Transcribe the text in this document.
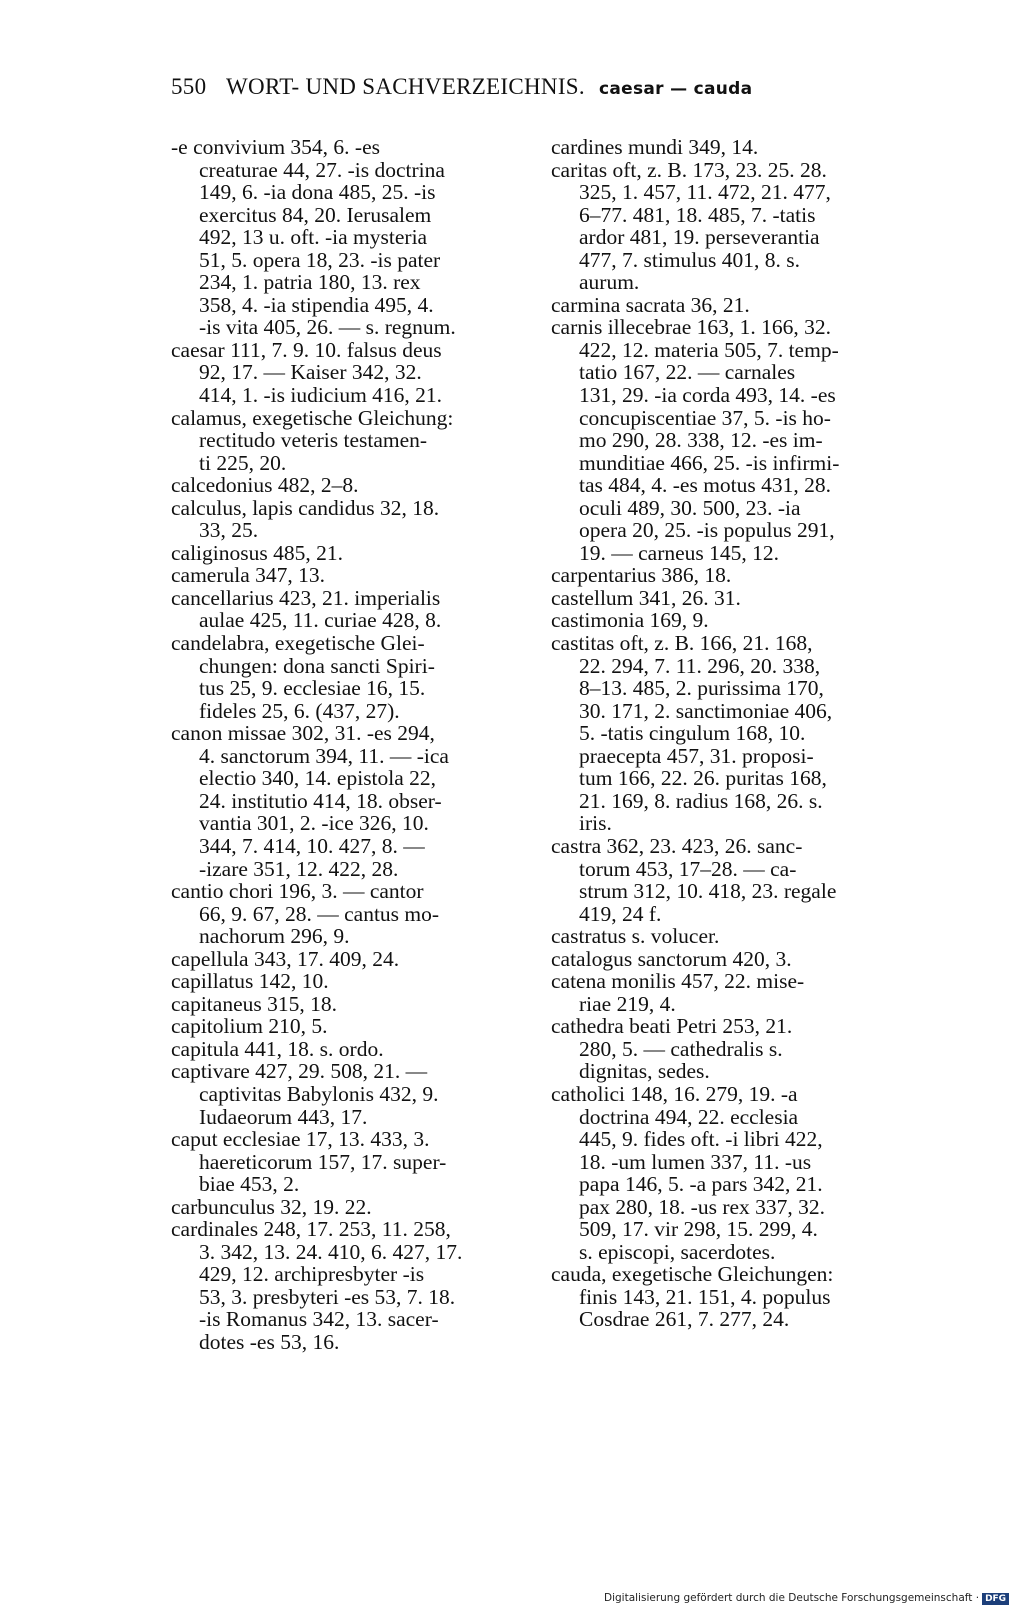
550 WORT- UND SACHVERZEICHNIS. caesar — cauda
-e convivium 354, 6. -es
creaturae 44, 27. -is doctrina
149, 6. -ia dona 485, 25. -is
exercitus 84, 20. Ierusalem
492, 13 u. oft. -ia mysteria
51, 5. opera 18, 23. -is pater
234, 1. patria 180, 13. rex
358, 4. -ia stipendia 495, 4.
-is vita 405, 26. — s. regnum.
caesar 111, 7. 9. 10. falsus deus
92, 17. — Kaiser 342, 32.
414, 1. -is iudicium 416, 21.
calamus, exegetische Gleichung:
rectitudo veteris testamen-
ti 225, 20.
calcedonius 482, 2–8.
calculus, lapis candidus 32, 18.
33, 25.
caliginosus 485, 21.
camerula 347, 13.
cancellarius 423, 21. imperialis
aulae 425, 11. curiae 428, 8.
candelabra, exegetische Glei-
chungen: dona sancti Spiri-
tus 25, 9. ecclesiae 16, 15.
fideles 25, 6. (437, 27).
canon missae 302, 31. -es 294,
4. sanctorum 394, 11. — -ica
electio 340, 14. epistola 22,
24. institutio 414, 18. obser-
vantia 301, 2. -ice 326, 10.
344, 7. 414, 10. 427, 8. —
-izare 351, 12. 422, 28.
cantio chori 196, 3. — cantor
66, 9. 67, 28. — cantus mo-
nachorum 296, 9.
capellula 343, 17. 409, 24.
capillatus 142, 10.
capitaneus 315, 18.
capitolium 210, 5.
capitula 441, 18. s. ordo.
captivare 427, 29. 508, 21. —
captivitas Babylonis 432, 9.
Iudaeorum 443, 17.
caput ecclesiae 17, 13. 433, 3.
haereticorum 157, 17. super-
biae 453, 2.
carbunculus 32, 19. 22.
cardinales 248, 17. 253, 11. 258,
3. 342, 13. 24. 410, 6. 427, 17.
429, 12. archipresbyter -is
53, 3. presbyteri -es 53, 7. 18.
-is Romanus 342, 13. sacer-
dotes -es 53, 16.
cardines mundi 349, 14.
caritas oft, z. B. 173, 23. 25. 28.
325, 1. 457, 11. 472, 21. 477,
6–77. 481, 18. 485, 7. -tatis
ardor 481, 19. perseverantia
477, 7. stimulus 401, 8. s.
aurum.
carmina sacrata 36, 21.
carnis illecebrae 163, 1. 166, 32.
422, 12. materia 505, 7. temp-
tatio 167, 22. — carnales
131, 29. -ia corda 493, 14. -es
concupiscentiae 37, 5. -is ho-
mo 290, 28. 338, 12. -es im-
munditiae 466, 25. -is infirmi-
tas 484, 4. -es motus 431, 28.
oculi 489, 30. 500, 23. -ia
opera 20, 25. -is populus 291,
19. — carneus 145, 12.
carpentarius 386, 18.
castellum 341, 26. 31.
castimonia 169, 9.
castitas oft, z. B. 166, 21. 168,
22. 294, 7. 11. 296, 20. 338,
8–13. 485, 2. purissima 170,
30. 171, 2. sanctimoniae 406,
5. -tatis cingulum 168, 10.
praecepta 457, 31. proposi-
tum 166, 22. 26. puritas 168,
21. 169, 8. radius 168, 26. s.
iris.
castra 362, 23. 423, 26. sanc-
torum 453, 17–28. — ca-
strum 312, 10. 418, 23. regale
419, 24 f.
castratus s. volucer.
catalogus sanctorum 420, 3.
catena monilis 457, 22. mise-
riae 219, 4.
cathedra beati Petri 253, 21.
280, 5. — cathedralis s.
dignitas, sedes.
catholici 148, 16. 279, 19. -a
doctrina 494, 22. ecclesia
445, 9. fides oft. -i libri 422,
18. -um lumen 337, 11. -us
papa 146, 5. -a pars 342, 21.
pax 280, 18. -us rex 337, 32.
509, 17. vir 298, 15. 299, 4.
s. episcopi, sacerdotes.
cauda, exegetische Gleichungen:
finis 143, 21. 151, 4. populus
Cosdrae 261, 7. 277, 24.
Digitalisierung gefördert durch die Deutsche Forschungsgemeinschaft · DFG
